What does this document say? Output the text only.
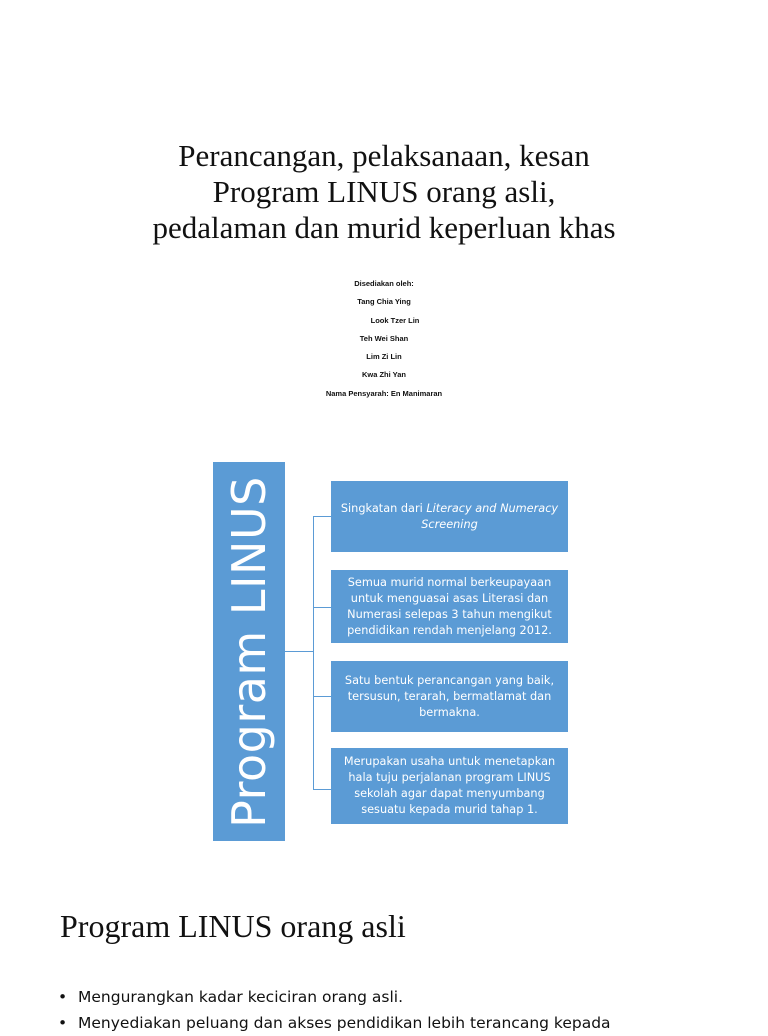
Perancangan, pelaksanaan, kesan
Program LINUS orang asli,
pedalaman dan murid keperluan khas
Disediakan oleh:
Tang Chia Ying
Look Tzer Lin
Teh Wei Shan
Lim Zi Lin
Kwa Zhi Yan
Nama Pensyarah: En Manimaran
Program LINUS	Singkatan dari Literacy and Numeracy Screening
Semua murid normal berkeupayaan untuk menguasai asas Literasi dan Numerasi selepas 3 tahun mengikut pendidikan rendah menjelang 2012.
Satu bentuk perancangan yang baik, tersusun, terarah, bermatlamat dan bermakna.
Merupakan usaha untuk menetapkan hala tuju perjalanan program LINUS sekolah agar dapat menyumbang sesuatu kepada murid tahap 1.
Program LINUS orang asli
• Mengurangkan kadar keciciran orang asli.
• Menyediakan peluang dan akses pendidikan lebih terancang kepada
